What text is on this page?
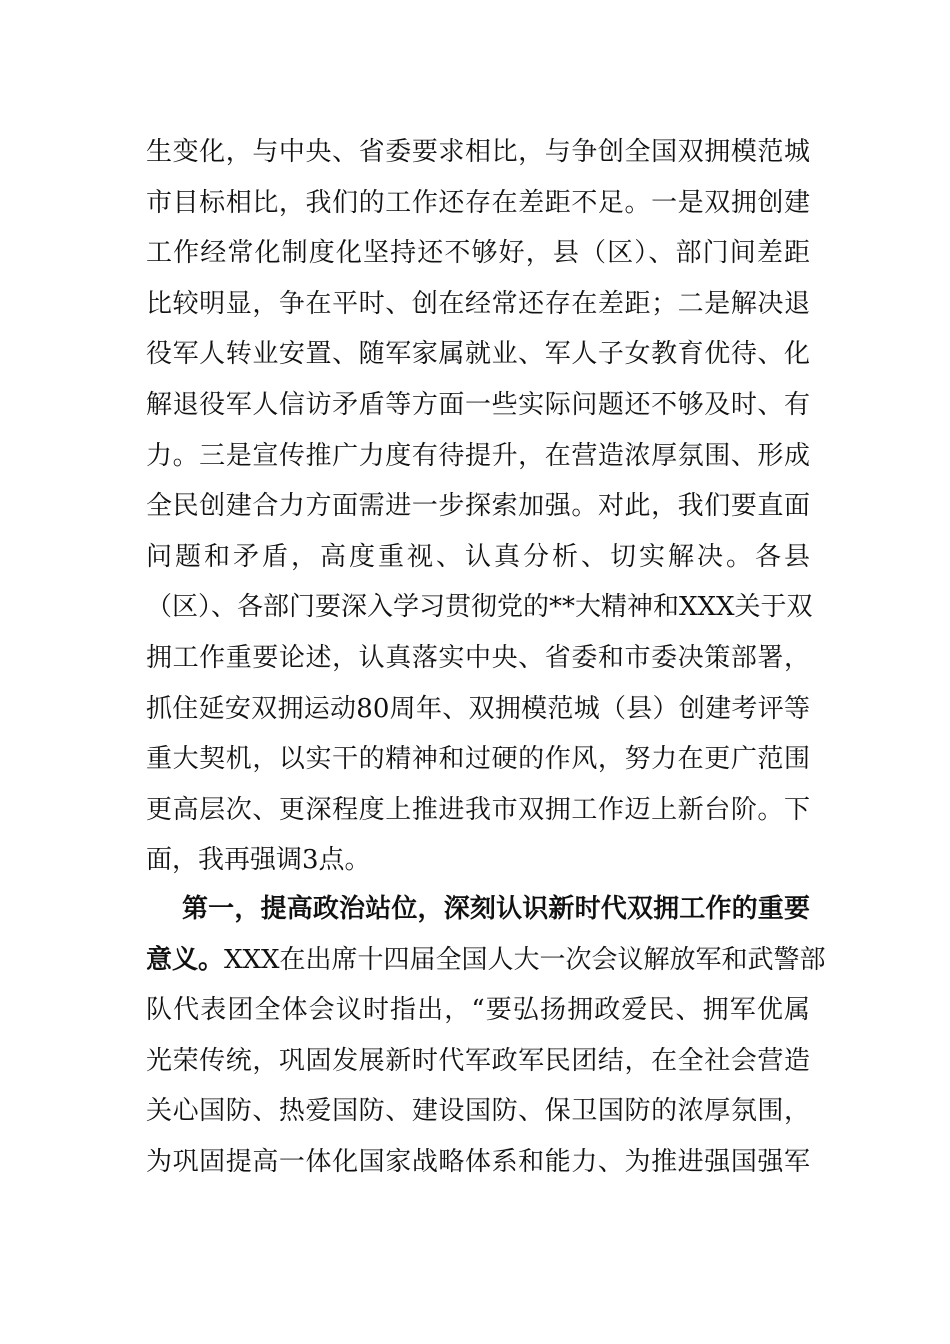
生变化，与中央、省委要求相比，与争创全国双拥模范城
市目标相比，我们的工作还存在差距不足。一是双拥创建
工作经常化制度化坚持还不够好，县（区）、部门间差距
比较明显，争在平时、创在经常还存在差距；二是解决退
役军人转业安置、随军家属就业、军人子女教育优待、化
解退役军人信访矛盾等方面一些实际问题还不够及时、有
力。三是宣传推广力度有待提升，在营造浓厚氛围、形成
全民创建合力方面需进一步探索加强。对此，我们要直面
问题和矛盾，高度重视、认真分析、切实解决。各县
（区）、各部门要深入学习贯彻党的**大精神和XXX关于双
拥工作重要论述，认真落实中央、省委和市委决策部署，
抓住延安双拥运动80周年、双拥模范城（县）创建考评等
重大契机，以实干的精神和过硬的作风，努力在更广范围
更高层次、更深程度上推进我市双拥工作迈上新台阶。下
面，我再强调3点。
第一，提高政治站位，深刻认识新时代双拥工作的重要
意义。XXX在出席十四届全国人大一次会议解放军和武警部
队代表团全体会议时指出，“要弘扬拥政爱民、拥军优属
光荣传统，巩固发展新时代军政军民团结，在全社会营造
关心国防、热爱国防、建设国防、保卫国防的浓厚氛围，
为巩固提高一体化国家战略体系和能力、为推进强国强军
